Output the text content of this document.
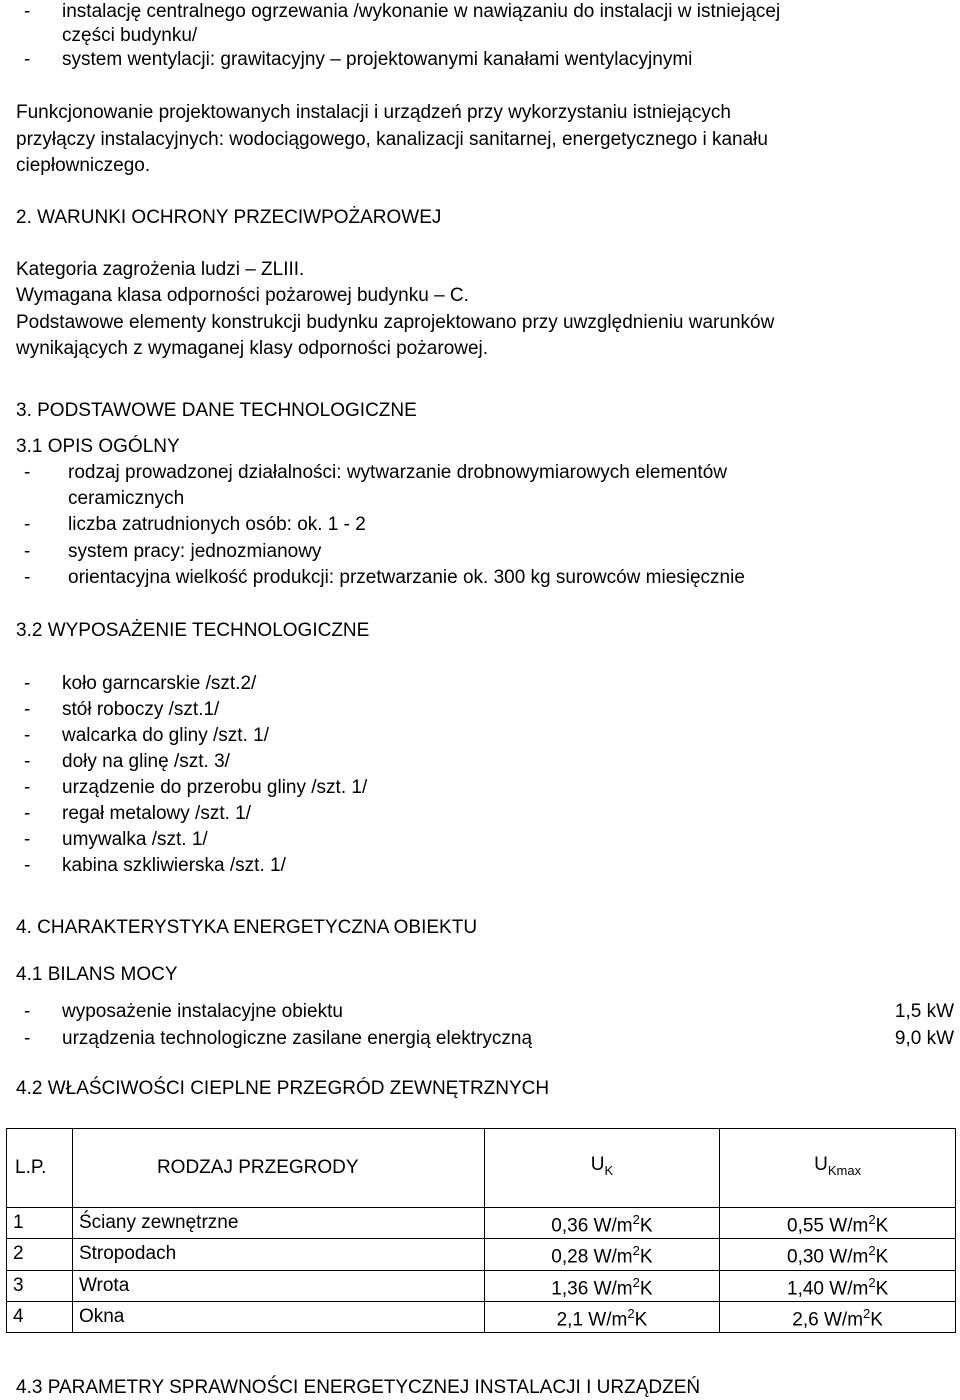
- instalację centralnego ogrzewania /wykonanie w nawiązaniu do instalacji w istniejącej
części budynku/
- system wentylacji: grawitacyjny – projektowanymi kanałami wentylacyjnymi
Funkcjonowanie projektowanych instalacji i urządzeń przy wykorzystaniu istniejących
przyłączy instalacyjnych: wodociągowego, kanalizacji sanitarnej, energetycznego i kanału
ciepłowniczego.
2. WARUNKI OCHRONY PRZECIWPOŻAROWEJ
Kategoria zagrożenia ludzi – ZLIII.
Wymagana klasa odporności pożarowej budynku – C.
Podstawowe elementy konstrukcji budynku zaprojektowano przy uwzględnieniu warunków
wynikających z wymaganej klasy odporności pożarowej.
3. PODSTAWOWE DANE TECHNOLOGICZNE
3.1 OPIS OGÓLNY
- rodzaj prowadzonej działalności: wytwarzanie drobnowymiarowych elementów
ceramicznych
- liczba zatrudnionych osób: ok. 1 - 2
- system pracy: jednozmianowy
- orientacyjna wielkość produkcji: przetwarzanie ok. 300 kg surowców miesięcznie
3.2 WYPOSAŻENIE TECHNOLOGICZNE
- koło garncarskie /szt.2/
- stół roboczy /szt.1/
- walcarka do gliny /szt. 1/
- doły na glinę /szt. 3/
- urządzenie do przerobu gliny /szt. 1/
- regał metalowy /szt. 1/
- umywalka /szt. 1/
- kabina szkliwierska /szt. 1/
4. CHARAKTERYSTYKA ENERGETYCZNA OBIEKTU
4.1 BILANS MOCY
- wyposażenie instalacyjne obiektu	1,5 kW
- urządzenia technologiczne zasilane energią elektryczną	9,0 kW
4.2 WŁAŚCIWOŚCI CIEPLNE PRZEGRÓD ZEWNĘTRZNYCH
L.P.	RODZAJ PRZEGRODY	$U_K$	$U_{Kmax}$
1	Ściany zewnętrzne	0,36 $W/m^2K$	0,55 $W/m^2K$
2	Stropodach	0,28 $W/m^2K$	0,30 $W/m^2K$
3	Wrota	1,36 $W/m^2K$	1,40 $W/m^2K$
4	Okna	2,1 $W/m^2K$	2,6 $W/m^2K$
4.3 PARAMETRY SPRAWNOŚCI ENERGETYCZNEJ INSTALACJI I URZĄDZEŃ
